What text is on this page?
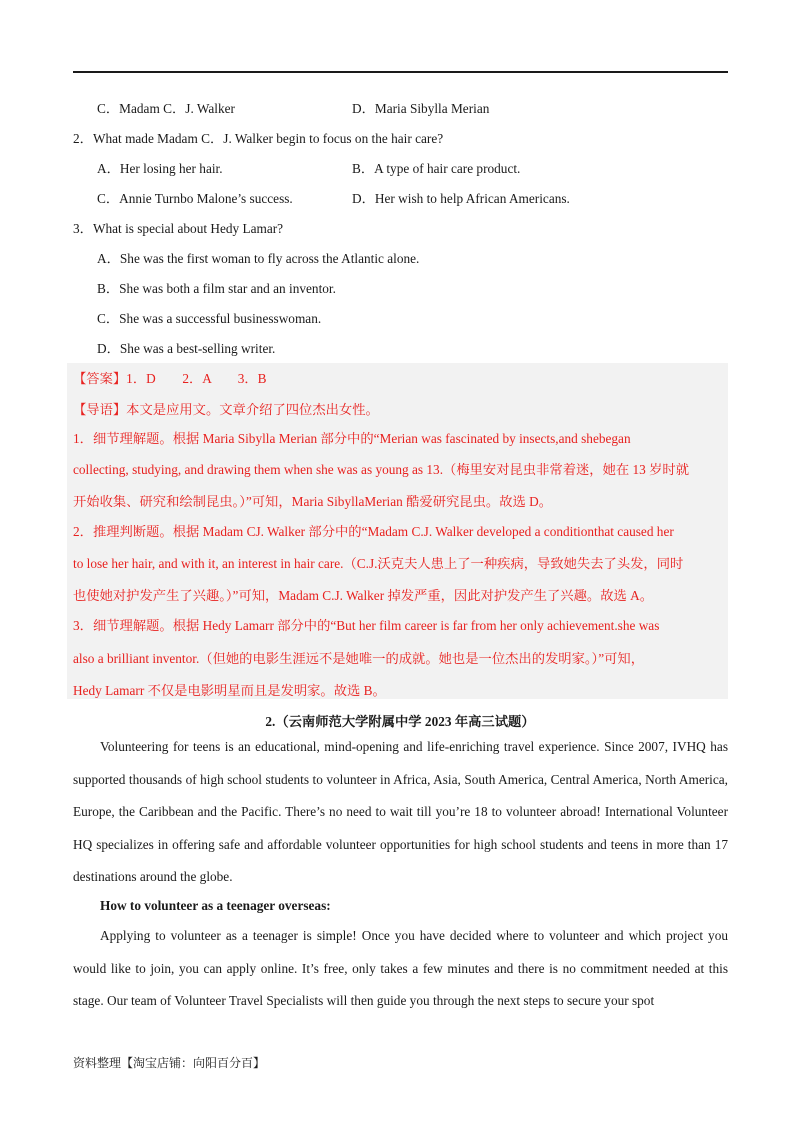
C．Madam C．J. Walker	D．Maria Sibylla Merian
2．What made Madam C．J. Walker begin to focus on the hair care?
A．Her losing her hair.	B．A type of hair care product.
C．Annie Turnbo Malone’s success.	D．Her wish to help African Americans.
3．What is special about Hedy Lamar?
A．She was the first woman to fly across the Atlantic alone.
B．She was both a film star and an inventor.
C．She was a successful businesswoman.
D．She was a best-selling writer.
【答案】1．D　　2．A　　3．B
【导语】本文是应用文。文章介绍了四位杰出女性。
1．细节理解题。根据 Maria Sibylla Merian 部分中的“Merian was fascinated by insects,and shebegan
collecting, studying, and drawing them when she was as young as 13.（梅里安对昆虫非常着迷，她在 13 岁时就
开始收集、研究和绘制昆虫。）”可知，Maria SibyllaMerian 酷爱研究昆虫。故选 D。
2．推理判断题。根据 Madam CJ. Walker 部分中的“Madam C.J. Walker developed a conditionthat caused her
to lose her hair, and with it, an interest in hair care.（C.J.沃克夫人患上了一种疾病，导致她失去了头发，同时
也使她对护发产生了兴趣。）”可知，Madam C.J. Walker 掉发严重，因此对护发产生了兴趣。故选 A。
3．细节理解题。根据 Hedy Lamarr 部分中的“But her film career is far from her only achievement.she was
also a brilliant inventor.（但她的电影生涯远不是她唯一的成就。她也是一位杰出的发明家。）”可知，
Hedy Lamarr 不仅是电影明星而且是发明家。故选 B。
2.（云南师范大学附属中学 2023 年高三试题）

Volunteering for teens is an educational, mind-opening and life-enriching travel experience. Since 2007, IVHQ has supported thousands of high school students to volunteer in Africa, Asia, South America, Central America, North America, Europe, the Caribbean and the Pacific. There’s no need to wait till you’re 18 to volunteer abroad! International Volunteer HQ specializes in offering safe and affordable volunteer opportunities for high school students and teens in more than 17 destinations around the globe.

How to volunteer as a teenager overseas:

Applying to volunteer as a teenager is simple! Once you have decided where to volunteer and which project you would like to join, you can apply online. It’s free, only takes a few minutes and there is no commitment needed at this stage. Our team of Volunteer Travel Specialists will then guide you through the next steps to secure your spot

资料整理【淘宝店铺：向阳百分百】
